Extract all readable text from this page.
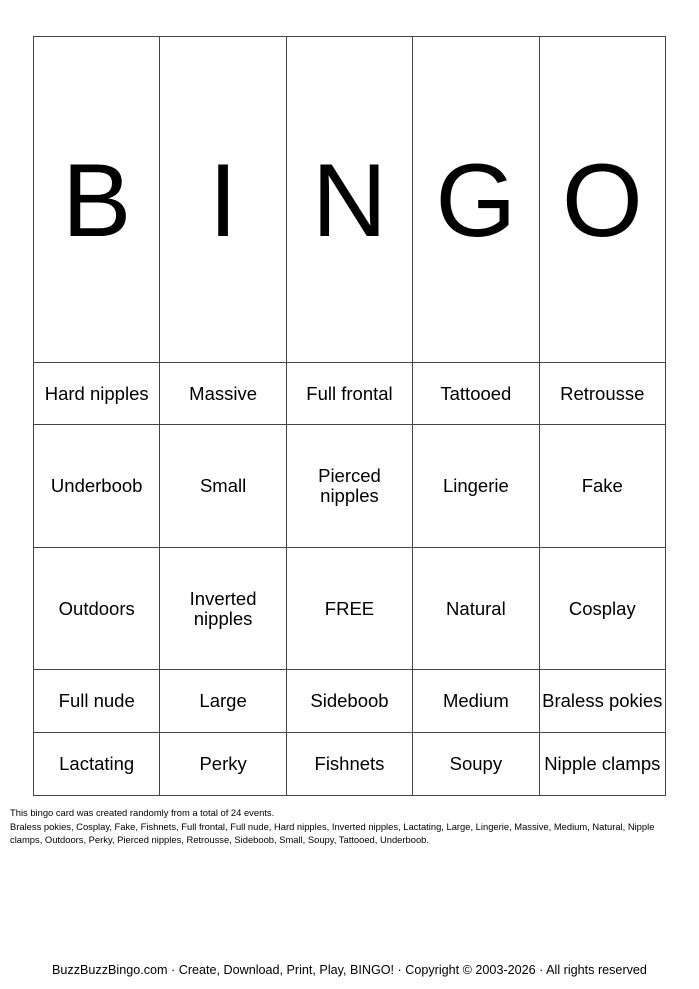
B	I	N	G	O
Hard nipples	Massive	Full frontal	Tattooed	Retrousse
Underboob	Small	Pierced nipples	Lingerie	Fake
Outdoors	Inverted nipples	FREE	Natural	Cosplay
Full nude	Large	Sideboob	Medium	Braless pokies
Lactating	Perky	Fishnets	Soupy	Nipple clamps

This bingo card was created randomly from a total of 24 events.

Braless pokies, Cosplay, Fake, Fishnets, Full frontal, Full nude, Hard nipples, Inverted nipples, Lactating, Large, Lingerie, Massive, Medium, Natural, Nipple clamps, Outdoors, Perky, Pierced nipples, Retrousse, Sideboob, Small, Soupy, Tattooed, Underboob.

BuzzBuzzBingo.com · Create, Download, Print, Play, BINGO! · Copyright © 2003-2026 · All rights reserved
